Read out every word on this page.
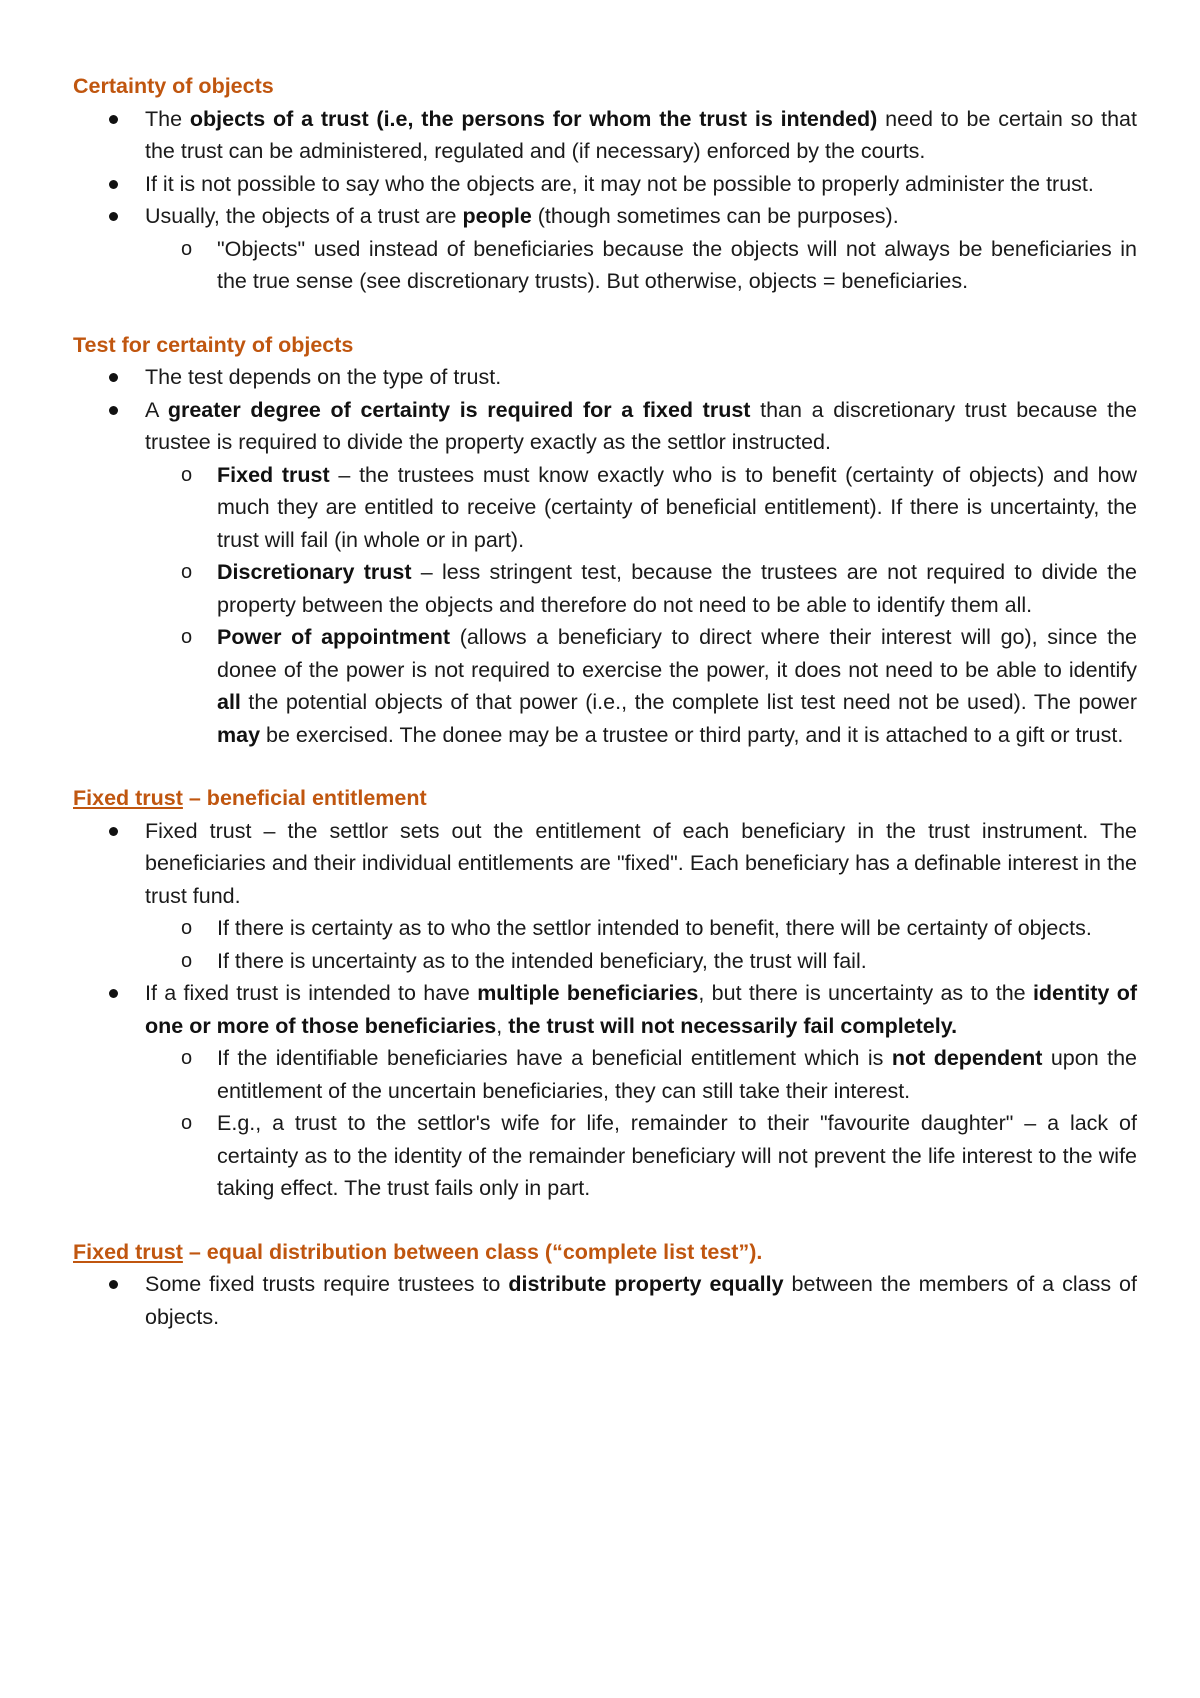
Certainty of objects

The objects of a trust (i.e, the persons for whom the trust is intended) need to be certain so that the trust can be administered, regulated and (if necessary) enforced by the courts.
If it is not possible to say who the objects are, it may not be possible to properly administer the trust.
Usually, the objects of a trust are people (though sometimes can be purposes).
o "Objects" used instead of beneficiaries because the objects will not always be beneficiaries in the true sense (see discretionary trusts). But otherwise, objects = beneficiaries.

Test for certainty of objects

The test depends on the type of trust.
A greater degree of certainty is required for a fixed trust than a discretionary trust because the trustee is required to divide the property exactly as the settlor instructed.
o Fixed trust – the trustees must know exactly who is to benefit (certainty of objects) and how much they are entitled to receive (certainty of beneficial entitlement). If there is uncertainty, the trust will fail (in whole or in part).
o Discretionary trust – less stringent test, because the trustees are not required to divide the property between the objects and therefore do not need to be able to identify them all.
o Power of appointment (allows a beneficiary to direct where their interest will go), since the donee of the power is not required to exercise the power, it does not need to be able to identify all the potential objects of that power (i.e., the complete list test need not be used). The power may be exercised. The donee may be a trustee or third party, and it is attached to a gift or trust.

Fixed trust – beneficial entitlement

Fixed trust – the settlor sets out the entitlement of each beneficiary in the trust instrument. The beneficiaries and their individual entitlements are "fixed". Each beneficiary has a definable interest in the trust fund.
o If there is certainty as to who the settlor intended to benefit, there will be certainty of objects.
o If there is uncertainty as to the intended beneficiary, the trust will fail.
If a fixed trust is intended to have multiple beneficiaries, but there is uncertainty as to the identity of one or more of those beneficiaries, the trust will not necessarily fail completely.
o If the identifiable beneficiaries have a beneficial entitlement which is not dependent upon the entitlement of the uncertain beneficiaries, they can still take their interest.
o E.g., a trust to the settlor's wife for life, remainder to their "favourite daughter" – a lack of certainty as to the identity of the remainder beneficiary will not prevent the life interest to the wife taking effect. The trust fails only in part.

Fixed trust – equal distribution between class (“complete list test”).

Some fixed trusts require trustees to distribute property equally between the members of a class of objects.
